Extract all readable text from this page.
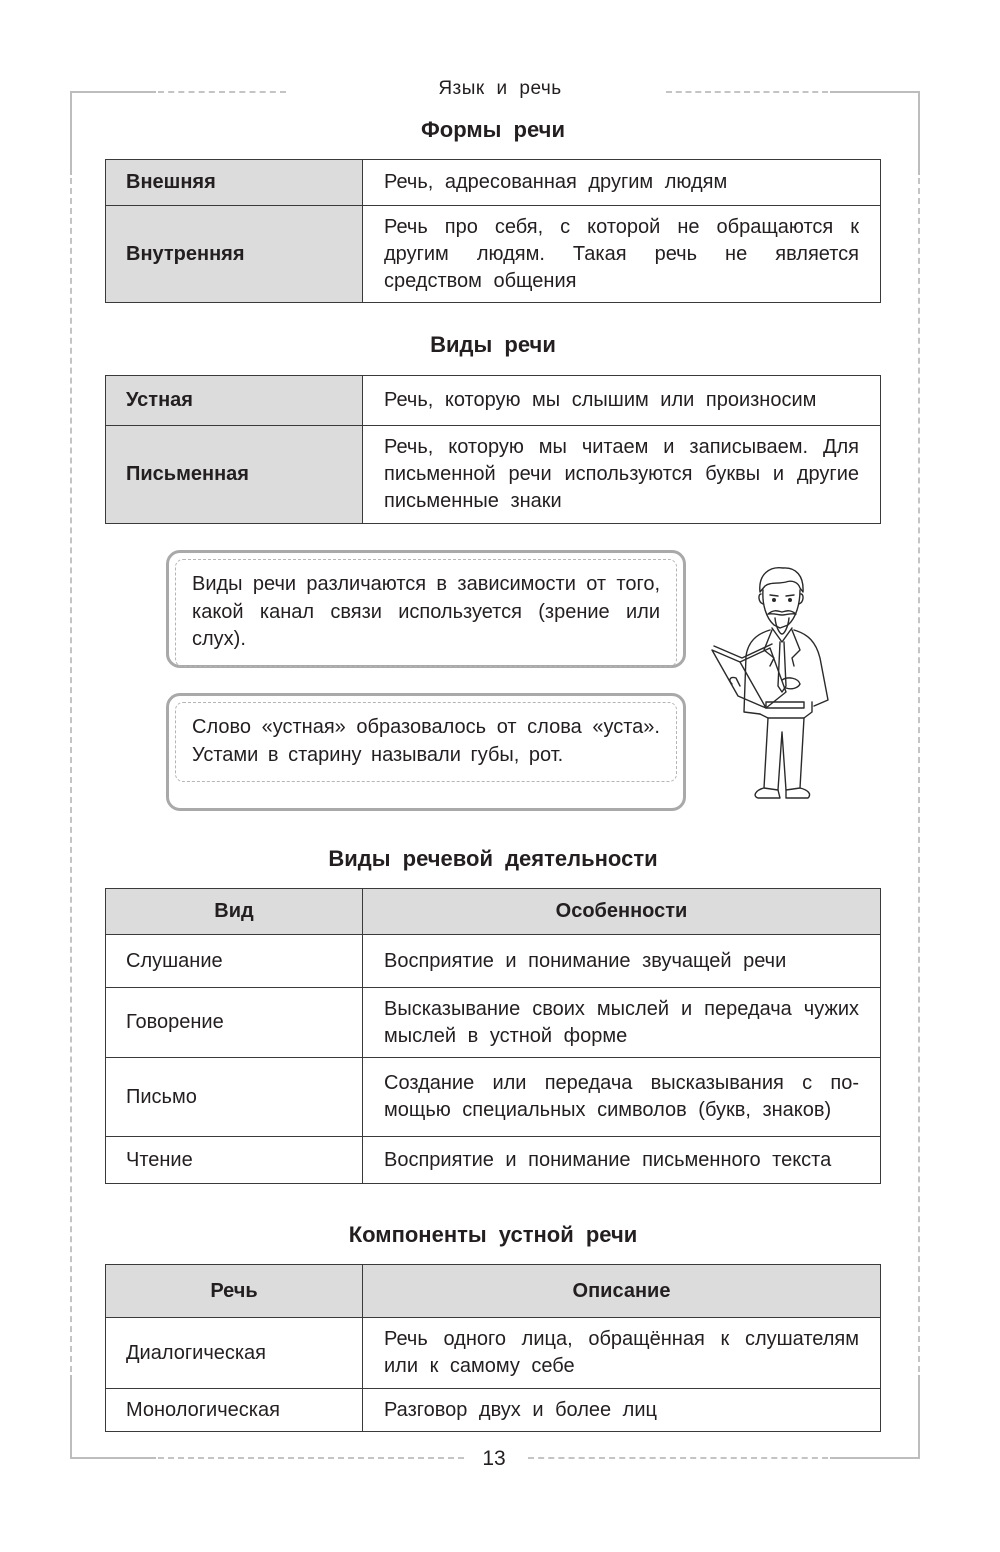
Язык и речь
Формы речи
Внешняя	Речь, адресованная другим людям
Внутренняя	Речь про себя, с которой не обращаются к другим людям. Такая речь не является средством общения
Виды речи
Устная	Речь, которую мы слышим или произносим
Письменная	Речь, которую мы читаем и записываем. Для письменной речи используются буквы и другие письменные знаки
Виды речи различаются в зависимости от того, какой канал связи используется (зрение или слух).
Слово «устная» образовалось от слова «уста». Устами в старину называли губы, рот.
Виды речевой деятельности
Вид	Особенности
Слушание	Восприятие и понимание звучащей речи
Говорение	Высказывание своих мыслей и передача чужих мыслей в устной форме
Письмо	Создание или передача высказывания с помощью специальных символов (букв, знаков)
Чтение	Восприятие и понимание письменного текста
Компоненты устной речи
Речь	Описание
Диалогическая	Речь одного лица, обращённая к слушателям или к самому себе
Монологическая	Разговор двух и более лиц
13
